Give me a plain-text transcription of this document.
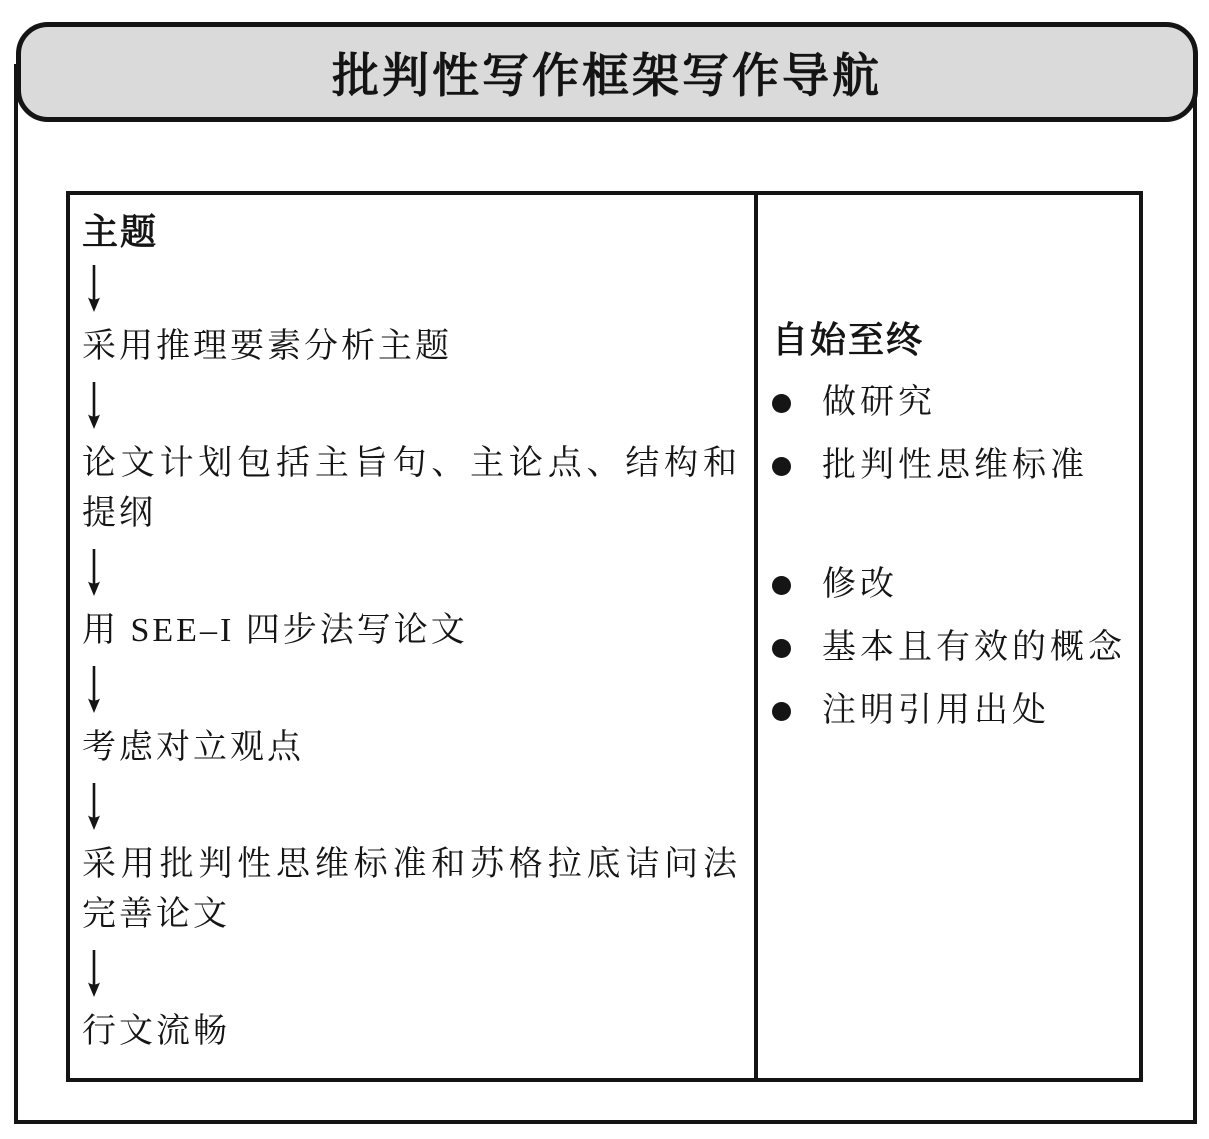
批判性写作框架写作导航
主题
采用推理要素分析主题
论文计划包括主旨句、主论点、结构和提纲
用 SEE–I 四步法写论文
考虑对立观点
采用批判性思维标准和苏格拉底诘问法完善论文
行文流畅
自始至终
做研究
批判性思维标准
修改
基本且有效的概念
注明引用出处
